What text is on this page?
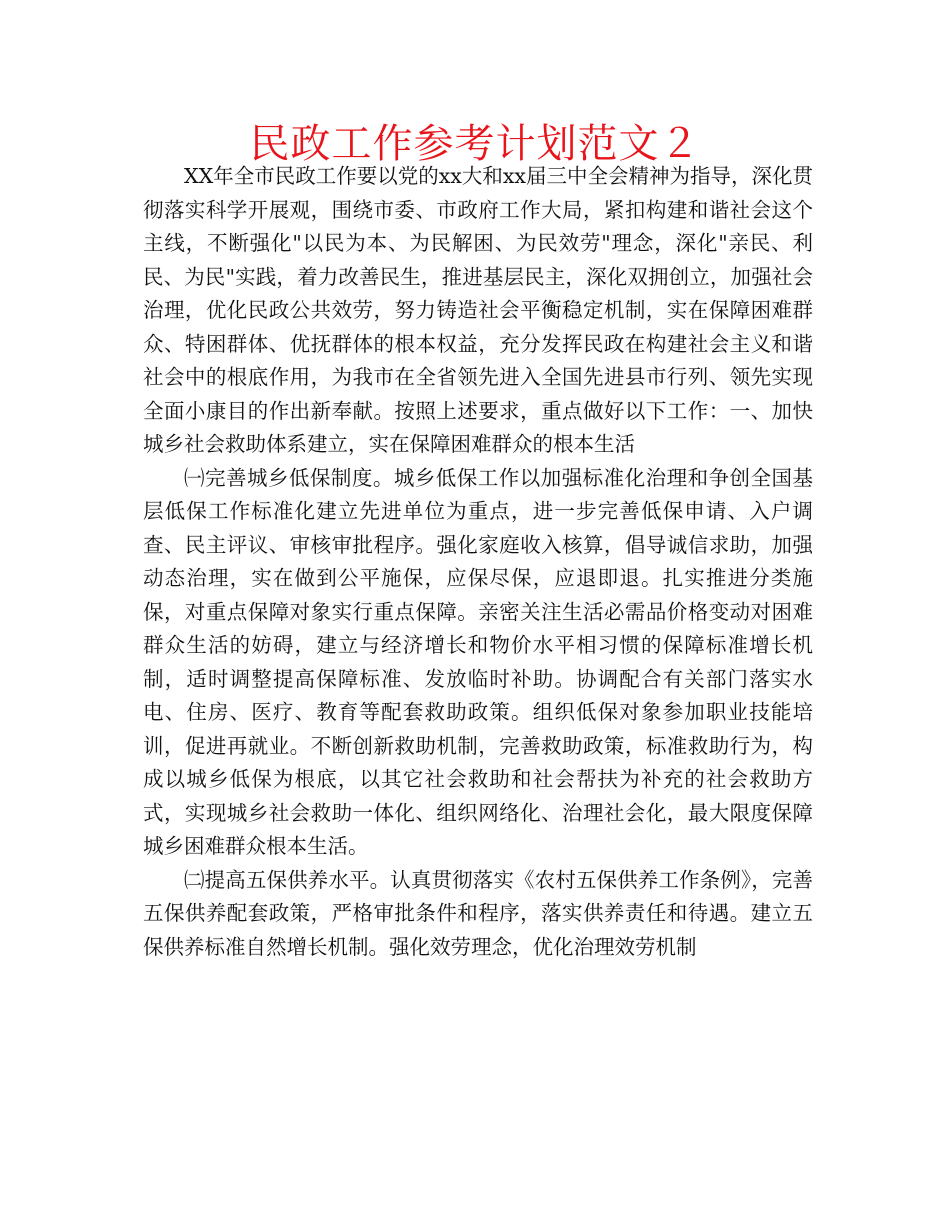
民政工作参考计划范文２

XX年全市民政工作要以党的xx大和xx届三中全会精神为指导，深化贯彻落实科学开展观，围绕市委、市政府工作大局，紧扣构建和谐社会这个主线，不断强化"以民为本、为民解困、为民效劳"理念，深化"亲民、利民、为民"实践，着力改善民生，推进基层民主，深化双拥创立，加强社会治理，优化民政公共效劳，努力铸造社会平衡稳定机制，实在保障困难群众、特困群体、优抚群体的根本权益，充分发挥民政在构建社会主义和谐社会中的根底作用，为我市在全省领先进入全国先进县市行列、领先实现全面小康目的作出新奉献。按照上述要求，重点做好以下工作：一、加快城乡社会救助体系建立，实在保障困难群众的根本生活

㈠完善城乡低保制度。城乡低保工作以加强标准化治理和争创全国基层低保工作标准化建立先进单位为重点，进一步完善低保申请、入户调查、民主评议、审核审批程序。强化家庭收入核算，倡导诚信求助，加强动态治理，实在做到公平施保，应保尽保，应退即退。扎实推进分类施保，对重点保障对象实行重点保障。亲密关注生活必需品价格变动对困难群众生活的妨碍，建立与经济增长和物价水平相习惯的保障标准增长机制，适时调整提高保障标准、发放临时补助。协调配合有关部门落实水电、住房、医疗、教育等配套救助政策。组织低保对象参加职业技能培训，促进再就业。不断创新救助机制，完善救助政策，标准救助行为，构成以城乡低保为根底，以其它社会救助和社会帮扶为补充的社会救助方式，实现城乡社会救助一体化、组织网络化、治理社会化，最大限度保障城乡困难群众根本生活。

㈡提高五保供养水平。认真贯彻落实《农村五保供养工作条例》，完善五保供养配套政策，严格审批条件和程序，落实供养责任和待遇。建立五保供养标准自然增长机制。强化效劳理念，优化治理效劳机制
